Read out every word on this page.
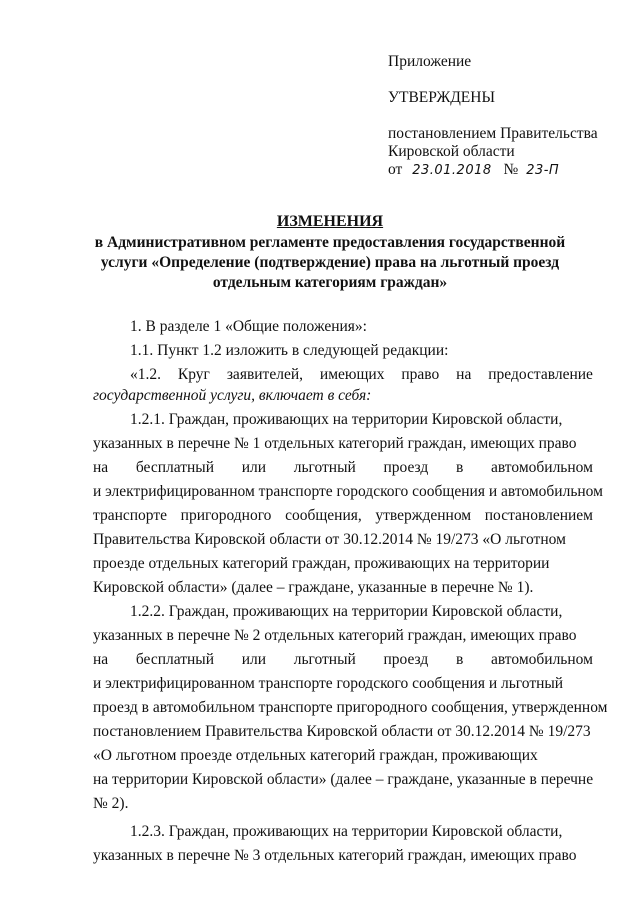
Приложение
УТВЕРЖДЕНЫ
постановлением Правительства
Кировской области
от 23.01.2018 № 23-П
ИЗМЕНЕНИЯ
в Административном регламенте предоставления государственной
услуги «Определение (подтверждение) права на льготный проезд
отдельным категориям граждан»
1. В разделе 1 «Общие положения»:
1.1. Пункт 1.2 изложить в следующей редакции:
«1.2. Круг заявителей, имеющих право на предоставление
государственной услуги, включает в себя:
1.2.1. Граждан, проживающих на территории Кировской области,
указанных в перечне № 1 отдельных категорий граждан, имеющих право
на бесплатный или льготный проезд в автомобильном
и электрифицированном транспорте городского сообщения и автомобильном
транспорте пригородного сообщения, утвержденном постановлением
Правительства Кировской области от 30.12.2014 № 19/273 «О льготном
проезде отдельных категорий граждан, проживающих на территории
Кировской области» (далее – граждане, указанные в перечне № 1).
1.2.2. Граждан, проживающих на территории Кировской области,
указанных в перечне № 2 отдельных категорий граждан, имеющих право
на бесплатный или льготный проезд в автомобильном
и электрифицированном транспорте городского сообщения и льготный
проезд в автомобильном транспорте пригородного сообщения, утвержденном
постановлением Правительства Кировской области от 30.12.2014 № 19/273
«О льготном проезде отдельных категорий граждан, проживающих
на территории Кировской области» (далее – граждане, указанные в перечне
№ 2).
1.2.3. Граждан, проживающих на территории Кировской области,
указанных в перечне № 3 отдельных категорий граждан, имеющих право
